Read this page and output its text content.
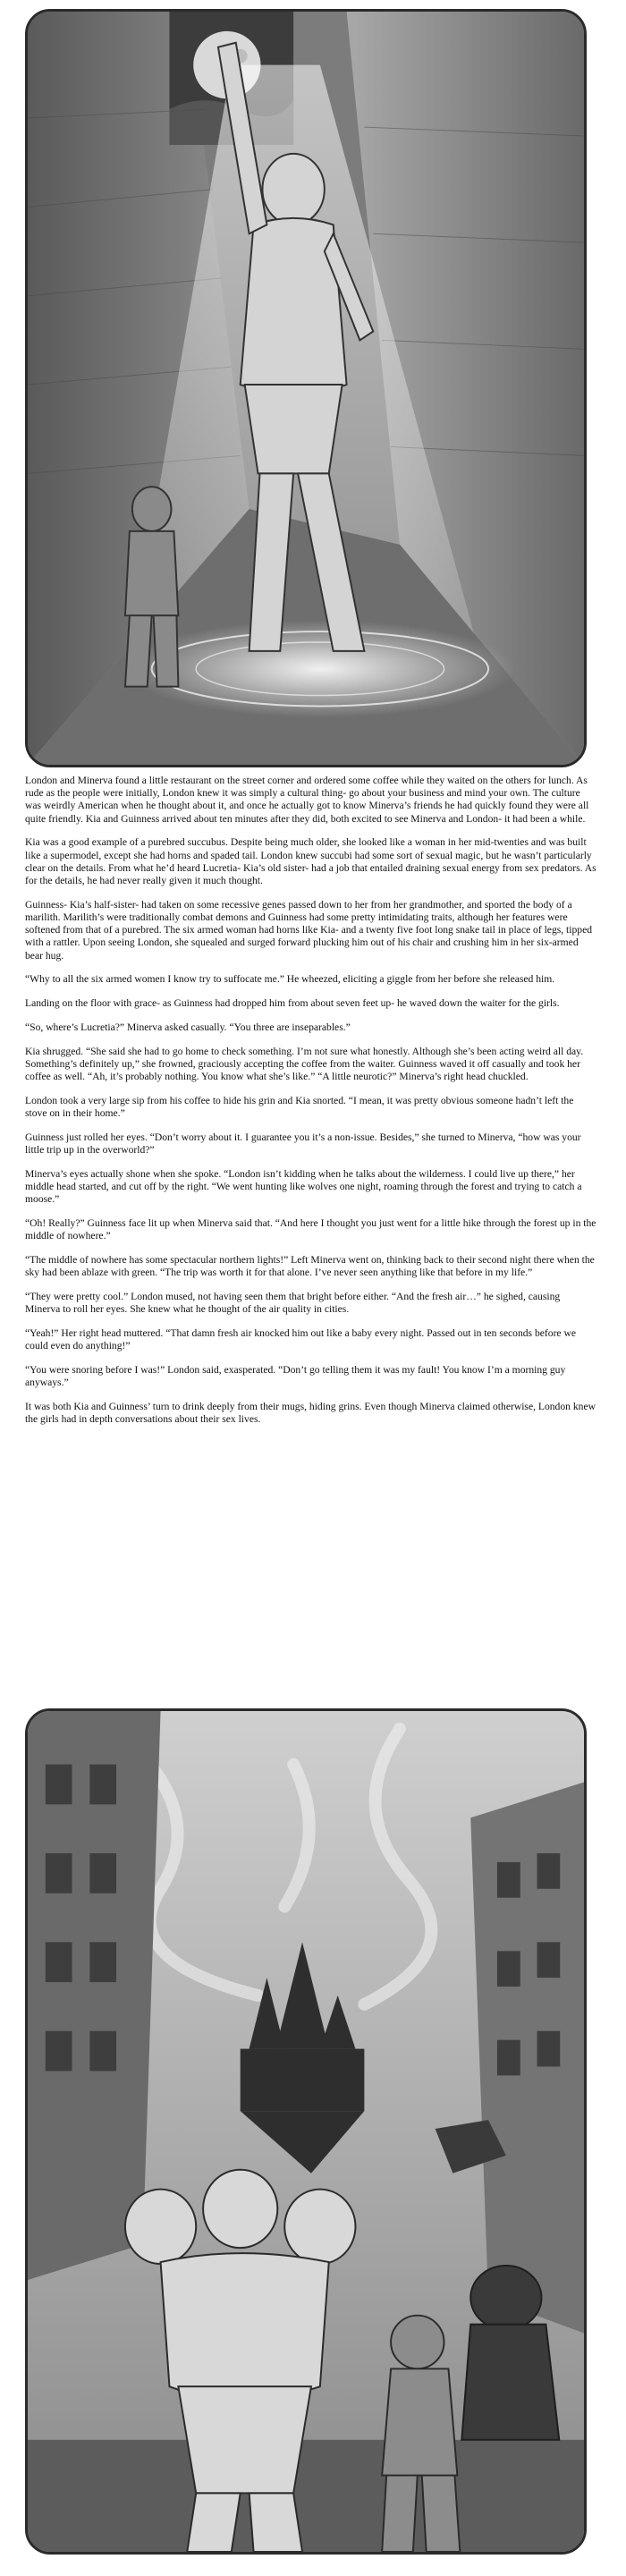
London and Minerva found a little restaurant on the street corner and ordered some coffee while they waited on the others for lunch. As rude as the people were initially, London knew it was simply a cultural thing- go about your business and mind your own. The culture was weirdly American when he thought about it, and once he actually got to know Minerva’s friends he had quickly found they were all quite friendly. Kia and Guinness arrived about ten minutes after they did, both excited to see Minerva and London- it had been a while.

Kia was a good example of a purebred succubus. Despite being much older, she looked like a woman in her mid-twenties and was built like a supermodel, except she had horns and spaded tail. London knew succubi had some sort of sexual magic, but he wasn’t particularly clear on the details. From what he’d heard Lucretia- Kia’s old sister- had a job that entailed draining sexual energy from sex predators. As for the details, he had never really given it much thought.

Guinness- Kia’s half-sister- had taken on some recessive genes passed down to her from her grandmother, and sported the body of a marilith. Marilith’s were traditionally combat demons and Guinness had some pretty intimidating traits, although her features were softened from that of a purebred. The six armed woman had horns like Kia- and a twenty five foot long snake tail in place of legs, tipped with a rattler. Upon seeing London, she squealed and surged forward plucking him out of his chair and crushing him in her six-armed bear hug.

“Why to all the six armed women I know try to suffocate me.” He wheezed, eliciting a giggle from her before she released him.

Landing on the floor with grace- as Guinness had dropped him from about seven feet up- he waved down the waiter for the girls.

“So, where’s Lucretia?” Minerva asked casually. “You three are inseparables.”

Kia shrugged. “She said she had to go home to check something. I’m not sure what honestly. Although she’s been acting weird all day. Something’s definitely up,” she frowned, graciously accepting the coffee from the waiter. Guinness waved it off casually and took her coffee as well. “Ah, it’s probably nothing. You know what she’s like.” “A little neurotic?” Minerva’s right head chuckled.

London took a very large sip from his coffee to hide his grin and Kia snorted. “I mean, it was pretty obvious someone hadn’t left the stove on in their home.”

Guinness just rolled her eyes. “Don’t worry about it. I guarantee you it’s a non-issue. Besides,” she turned to Minerva, “how was your little trip up in the overworld?”

Minerva’s eyes actually shone when she spoke. “London isn’t kidding when he talks about the wilderness. I could live up there,” her middle head started, and cut off by the right. “We went hunting like wolves one night, roaming through the forest and trying to catch a moose.”

“Oh! Really?” Guinness face lit up when Minerva said that. “And here I thought you just went for a little hike through the forest up in the middle of nowhere.”

“The middle of nowhere has some spectacular northern lights!” Left Minerva went on, thinking back to their second night there when the sky had been ablaze with green. “The trip was worth it for that alone. I’ve never seen anything like that before in my life.”

“They were pretty cool.” London mused, not having seen them that bright before either. “And the fresh air…” he sighed, causing Minerva to roll her eyes. She knew what he thought of the air quality in cities.

“Yeah!” Her right head muttered. “That damn fresh air knocked him out like a baby every night. Passed out in ten seconds before we could even do anything!”

“You were snoring before I was!” London said, exasperated. “Don’t go telling them it was my fault! You know I’m a morning guy anyways.”

It was both Kia and Guinness’ turn to drink deeply from their mugs, hiding grins. Even though Minerva claimed otherwise, London knew the girls had in depth conversations about their sex lives.
